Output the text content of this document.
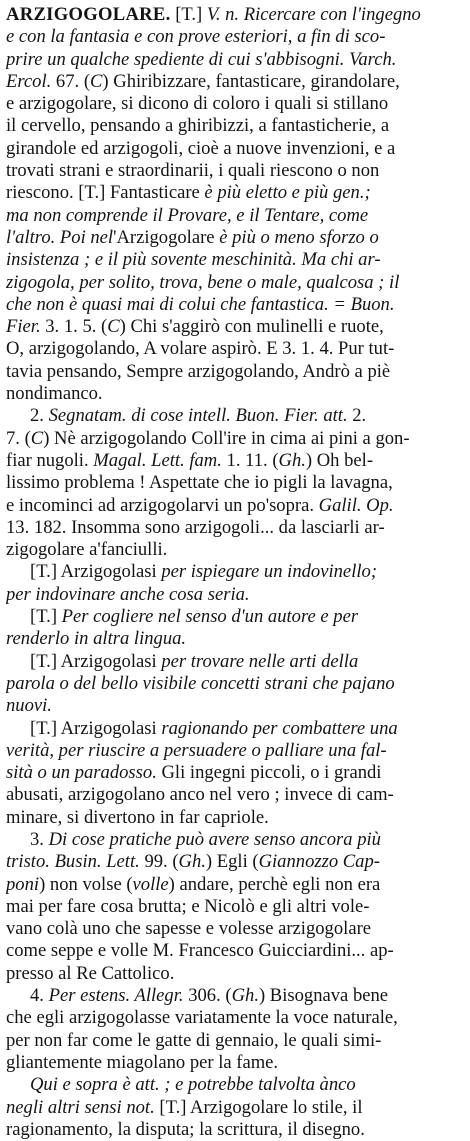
ARZIGOGOLARE. [T.] V. n. Ricercare con l'ingegno
e con la fantasia e con prove esteriori, a fin di sco-
prire un qualche spediente di cui s'abbisogni. Varch.
Ercol. 67. (C) Ghiribizzare, fantasticare, girandolare,
e arzigogolare, si dicono di coloro i quali si stillano
il cervello, pensando a ghiribizzi, a fantasticherie, a
girandole ed arzigogoli, cioè a nuove invenzioni, e a
trovati strani e straordinarii, i quali riescono o non
riescono. [T.] Fantasticare è più eletto e più gen.;
ma non comprende il Provare, e il Tentare, come
l'altro. Poi nel'Arzigogolare è più o meno sforzo o
insistenza ; e il più sovente meschinità. Ma chi ar-
zigogola, per solito, trova, bene o male, qualcosa ; il
che non è quasi mai di colui che fantastica. = Buon.
Fier. 3. 1. 5. (C) Chi s'aggirò con mulinelli e ruote,
O, arzigogolando, A volare aspirò. E 3. 1. 4. Pur tut-
tavia pensando, Sempre arzigogolando, Andrò a piè
nondimanco.
2. Segnatam. di cose intell. Buon. Fier. att. 2.
7. (C) Nè arzigogolando Coll'ire in cima ai pini a gon-
fiar nugoli. Magal. Lett. fam. 1. 11. (Gh.) Oh bel-
lissimo problema ! Aspettate che io pigli la lavagna,
e incominci ad arzigogolarvi un po'sopra. Galil. Op.
13. 182. Insomma sono arzigogoli... da lasciarli ar-
zigogolare a'fanciulli.
[T.] Arzigogolasi per ispiegare un indovinello;
per indovinare anche cosa seria.
[T.] Per cogliere nel senso d'un autore e per
renderlo in altra lingua.
[T.] Arzigogolasi per trovare nelle arti della
parola o del bello visibile concetti strani che pajano
nuovi.
[T.] Arzigogolasi ragionando per combattere una
verità, per riuscire a persuadere o palliare una fal-
sità o un paradosso. Gli ingegni piccoli, o i grandi
abusati, arzigogolano anco nel vero ; invece di cam-
minare, si divertono in far capriole.
3. Di cose pratiche può avere senso ancora più
tristo. Busin. Lett. 99. (Gh.) Egli (Giannozzo Cap-
poni) non volse (volle) andare, perchè egli non era
mai per fare cosa brutta; e Nicolò e gli altri vole-
vano colà uno che sapesse e volesse arzigogolare
come seppe e volle M. Francesco Guicciardini... ap-
presso al Re Cattolico.
4. Per estens. Allegr. 306. (Gh.) Bisognava bene
che egli arzigogolasse variatamente la voce naturale,
per non far come le gatte di gennaio, le quali simi-
gliantemente miagolano per la fame.
Qui e sopra è att. ; e potrebbe talvolta ànco
negli altri sensi not. [T.] Arzigogolare lo stile, il
ragionamento, la disputa; la scrittura, il disegno.
